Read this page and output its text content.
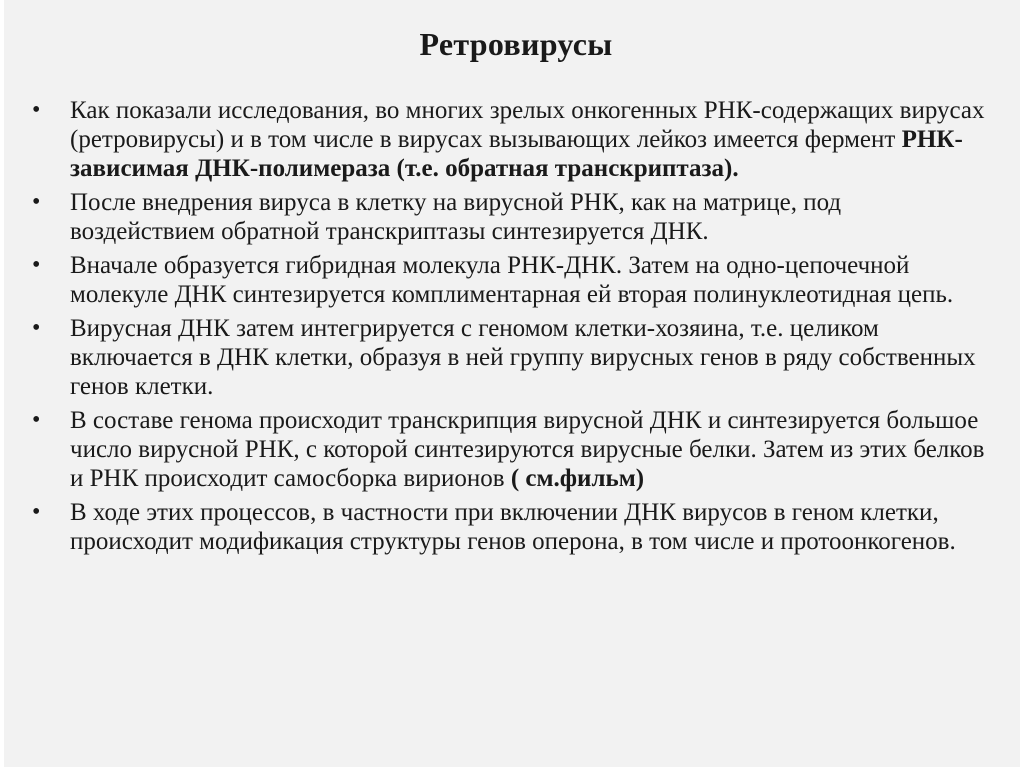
Ретровирусы
• Как показали исследования, во многих зрелых онкогенных РНК-содержащих вирусах (ретровирусы) и в том числе в вирусах вызывающих лейкоз имеется фермент РНК-зависимая ДНК-полимераза (т.е. обратная транскриптаза).
• После внедрения вируса в клетку на вирусной РНК, как на матрице, под воздействием обратной транскриптазы синтезируется ДНК.
• Вначале образуется гибридная молекула РНК-ДНК. Затем на одно-цепочечной молекуле ДНК синтезируется комплиментарная ей вторая полинуклеотидная цепь.
• Вирусная ДНК затем интегрируется с геномом клетки-хозяина, т.е. целиком включается в ДНК клетки, образуя в ней группу вирусных генов в ряду собственных генов клетки.
• В составе генома происходит транскрипция вирусной ДНК и синтезируется большое число вирусной РНК, с которой синтезируются вирусные белки. Затем из этих белков и РНК происходит самосборка вирионов ( см.фильм)
• В ходе этих процессов, в частности при включении ДНК вирусов в геном клетки, происходит модификация структуры генов оперона, в том числе и протоонкогенов.
